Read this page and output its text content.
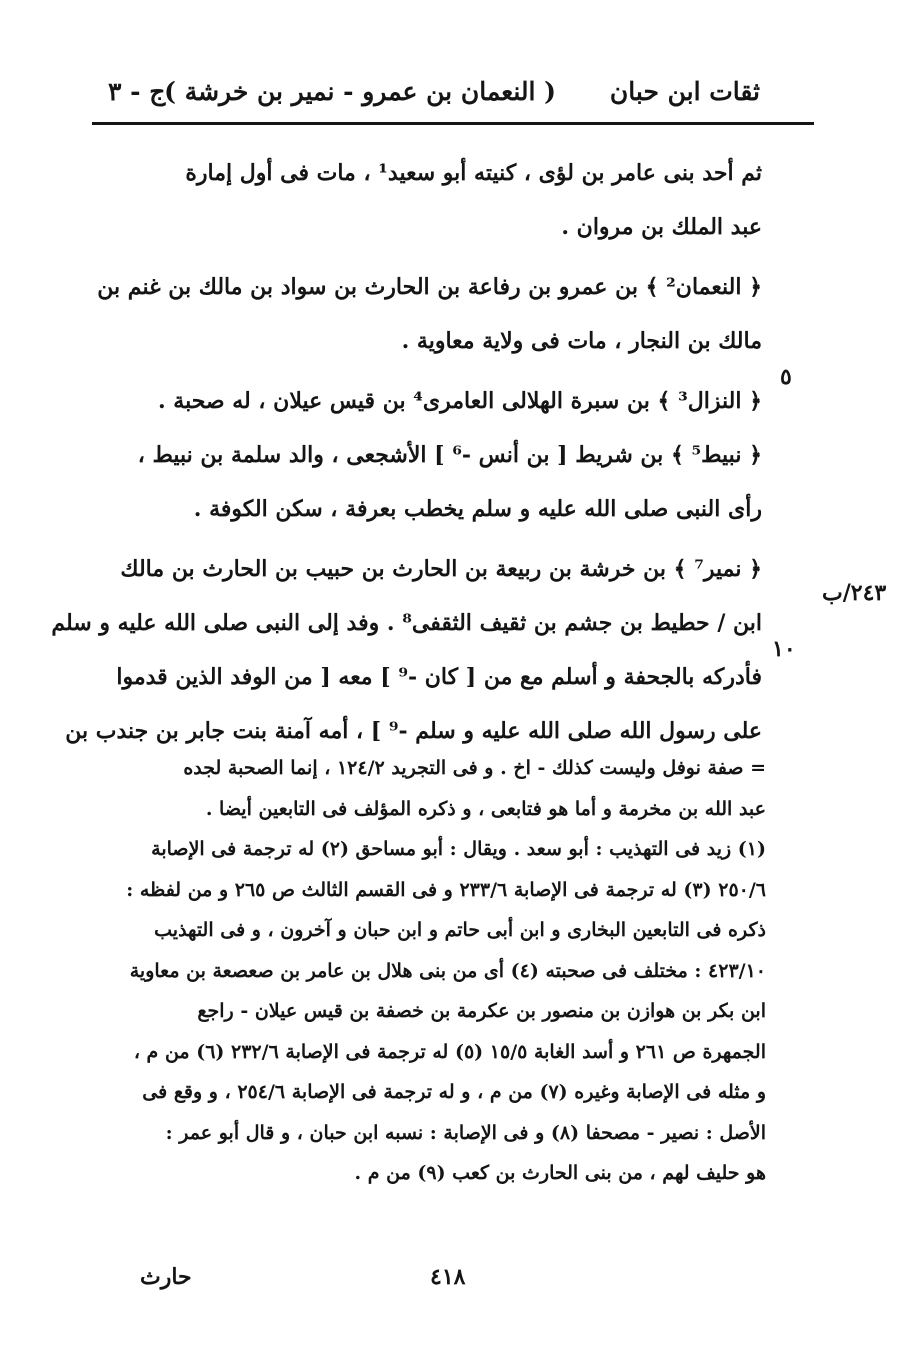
ثقات ابن حبان
( النعمان بن عمرو - نمير بن خرشة )
ج - ٣
ثم أحد بنى عامر بن لؤى ، كنيته أبو سعيد¹ ، مات فى أول إمارة
عبد الملك بن مروان .
﴿ النعمان² ﴾ بن عمرو بن رفاعة بن الحارث بن سواد بن مالك بن غنم بن
مالك بن النجار ، مات فى ولاية معاوية .
﴿ النزال³ ﴾ بن سبرة الهلالى العامرى⁴ بن قيس عيلان ، له صحبة .
﴿ نبيط⁵ ﴾ بن شريط [ بن أنس -⁶ ] الأشجعى ، والد سلمة بن نبيط ،
رأى النبى صلى الله عليه و سلم يخطب بعرفة ، سكن الكوفة .
﴿ نمير⁷ ﴾ بن خرشة بن ربيعة بن الحارث بن حبيب بن الحارث بن مالك
ابن / حطيط بن جشم بن ثقيف الثقفى⁸ . وفد إلى النبى صلى الله عليه و سلم
فأدركه بالجحفة و أسلم مع من [ كان -⁹ ] معه [ من الوفد الذين قدموا
على رسول الله صلى الله عليه و سلم -⁹ ] ، أمه آمنة بنت جابر بن جندب بن
٥
٢٤٣/ب
١٠
= صفة نوفل وليست كذلك - اخ . و فى التجريد ١٢٤/٢ ، إنما الصحبة لجده
عبد الله بن مخرمة و أما هو فتابعى ، و ذكره المؤلف فى التابعين أيضا .
(١) زيد فى التهذيب : أبو سعد . ويقال : أبو مساحق (٢) له ترجمة فى الإصابة
٢٥٠/٦ (٣) له ترجمة فى الإصابة ٢٣٣/٦ و فى القسم الثالث ص ٢٦٥ و من لفظه :
ذكره فى التابعين البخارى و ابن أبى حاتم و ابن حبان و آخرون ، و فى التهذيب
٤٢٣/١٠ : مختلف فى صحبته (٤) أى من بنى هلال بن عامر بن صعصعة بن معاوية
ابن بكر بن هوازن بن منصور بن عكرمة بن خصفة بن قيس عيلان - راجع
الجمهرة ص ٢٦١ و أسد الغابة ١٥/٥ (٥) له ترجمة فى الإصابة ٢٣٢/٦ (٦) من م ،
و مثله فى الإصابة وغيره (٧) من م ، و له ترجمة فى الإصابة ٢٥٤/٦ ، و وقع فى
الأصل : نصير - مصحفا (٨) و فى الإصابة : نسبه ابن حبان ، و قال أبو عمر :
هو حليف لهم ، من بنى الحارث بن كعب (٩) من م .
٤١٨
حارث
